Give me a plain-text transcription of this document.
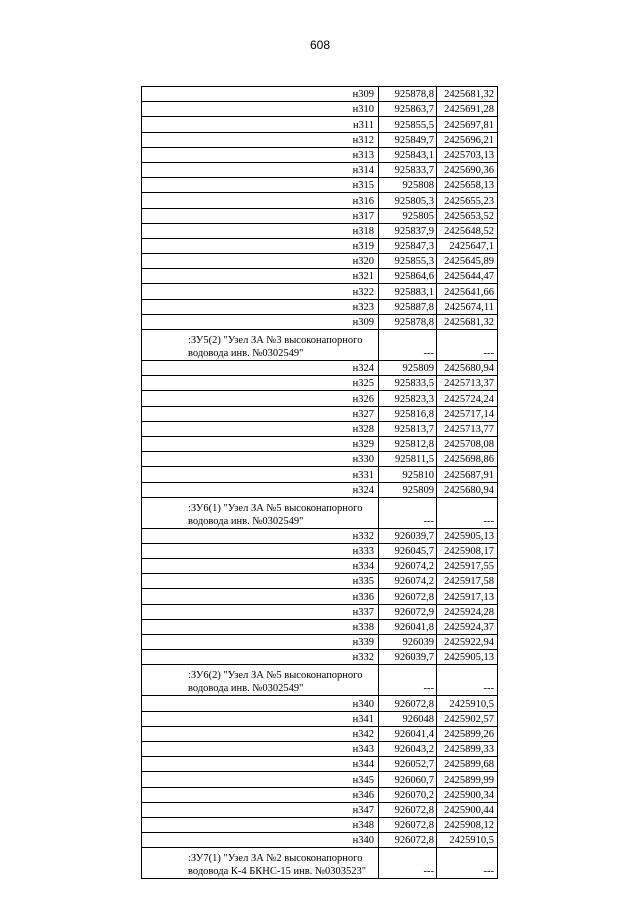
608
н309	925878,8	2425681,32
н310	925863,7	2425691,28
н311	925855,5	2425697,81
н312	925849,7	2425696,21
н313	925843,1	2425703,13
н314	925833,7	2425690,36
н315	925808	2425658,13
н316	925805,3	2425655,23
н317	925805	2425653,52
н318	925837,9	2425648,52
н319	925847,3	2425647,1
н320	925855,3	2425645,89
н321	925864,6	2425644,47
н322	925883,1	2425641,66
н323	925887,8	2425674,11
н309	925878,8	2425681,32
:ЗУ5(2) "Узел ЗА №3 высоконапорного водовода инв. №0302549"	---	---
н324	925809	2425680,94
н325	925833,5	2425713,37
н326	925823,3	2425724,24
н327	925816,8	2425717,14
н328	925813,7	2425713,77
н329	925812,8	2425708,08
н330	925811,5	2425698,86
н331	925810	2425687,91
н324	925809	2425680,94
:ЗУ6(1) "Узел ЗА №5 высоконапорного водовода инв. №0302549"	---	---
н332	926039,7	2425905,13
н333	926045,7	2425908,17
н334	926074,2	2425917,55
н335	926074,2	2425917,58
н336	926072,8	2425917,13
н337	926072,9	2425924,28
н338	926041,8	2425924,37
н339	926039	2425922,94
н332	926039,7	2425905,13
:ЗУ6(2) "Узел ЗА №5 высоконапорного водовода инв. №0302549"	---	---
н340	926072,8	2425910,5
н341	926048	2425902,57
н342	926041,4	2425899,26
н343	926043,2	2425899,33
н344	926052,7	2425899,68
н345	926060,7	2425899,99
н346	926070,2	2425900,34
н347	926072,8	2425900,44
н348	926072,8	2425908,12
н340	926072,8	2425910,5
:ЗУ7(1) "Узел ЗА №2 высоконапорного водовода К-4 БКНС-15 инв. №0303523"	---	---
